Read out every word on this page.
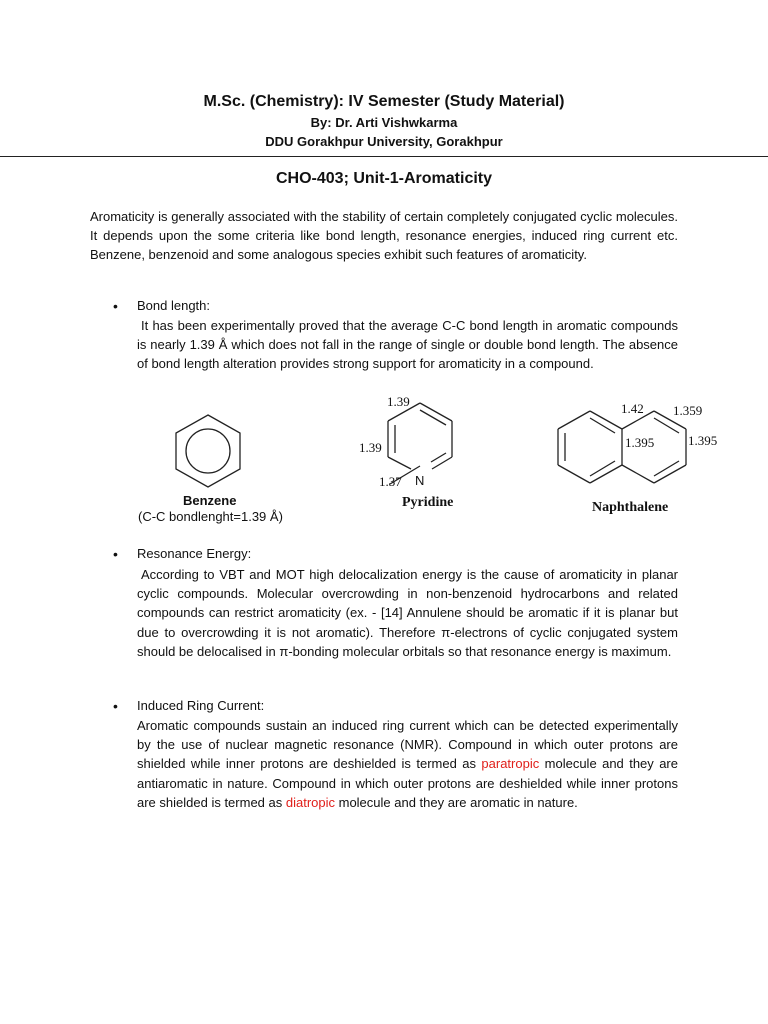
M.Sc. (Chemistry): IV Semester (Study Material)
By: Dr. Arti Vishwkarma
DDU Gorakhpur University, Gorakhpur
CHO-403; Unit-1-Aromaticity
Aromaticity is generally associated with the stability of certain completely conjugated cyclic molecules. It depends upon the some criteria like bond length, resonance energies, induced ring current etc. Benzene, benzenoid and some analogous species exhibit such features of aromaticity.
• Bond length:
It has been experimentally proved that the average C-C bond length in aromatic compounds is nearly 1.39 Å which does not fall in the range of single or double bond length. The absence of bond length alteration provides strong support for aromaticity in a compound.
1.39
1.39
1.37 N
Pyridine
Benzene
(C-C bondlenght=1.39 Å)
1.42 1.359
1.395	1.395
Naphthalene
• Resonance Energy:
According to VBT and MOT high delocalization energy is the cause of aromaticity in planar cyclic compounds. Molecular overcrowding in non-benzenoid hydrocarbons and related compounds can restrict aromaticity (ex. - [14] Annulene should be aromatic if it is planar but due to overcrowding it is not aromatic). Therefore π-electrons of cyclic conjugated system should be delocalised in π-bonding molecular orbitals so that resonance energy is maximum.
• Induced Ring Current:
Aromatic compounds sustain an induced ring current which can be detected experimentally by the use of nuclear magnetic resonance (NMR). Compound in which outer protons are shielded while inner protons are deshielded is termed as paratropic molecule and they are antiaromatic in nature. Compound in which outer protons are deshielded while inner protons are shielded is termed as diatropic molecule and they are aromatic in nature.
